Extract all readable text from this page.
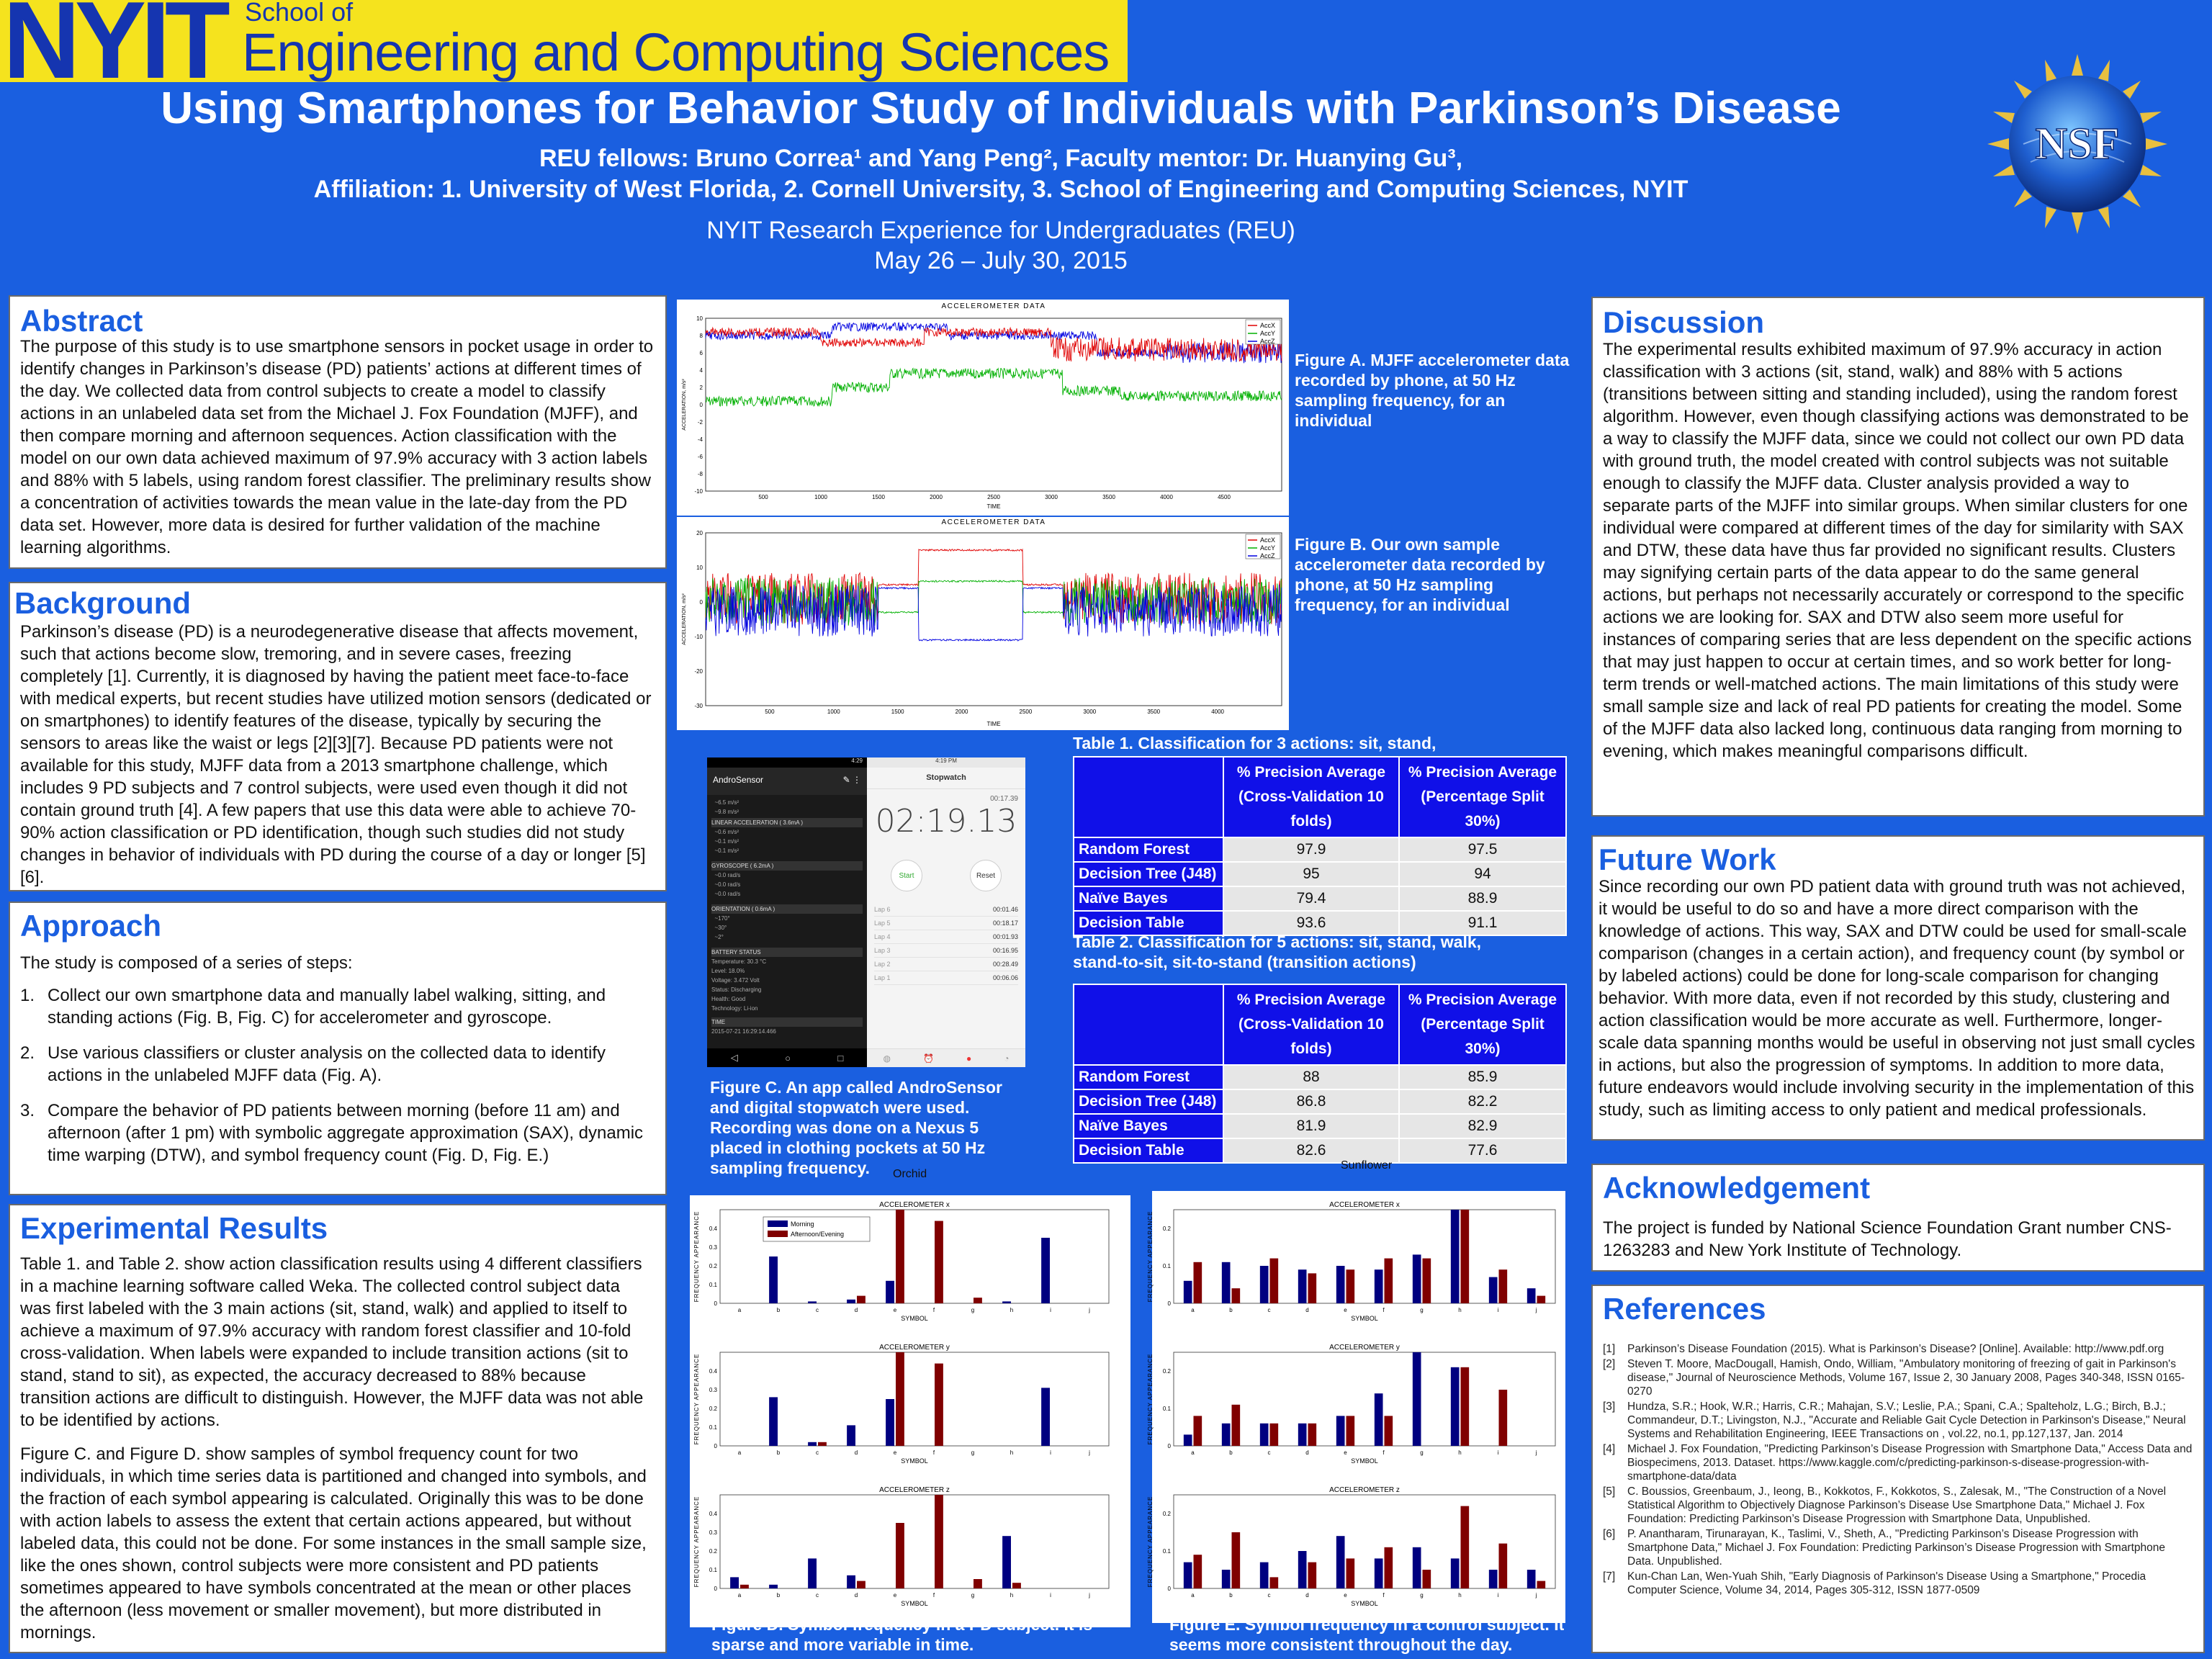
NYIT School of
Engineering and Computing Sciences
Using Smartphones for Behavior Study of Individuals with Parkinson’s Disease
REU fellows: Bruno Correa¹ and Yang Peng², Faculty mentor: Dr. Huanying Gu³,
Affiliation: 1. University of West Florida, 2. Cornell University, 3. School of Engineering and Computing Sciences, NYIT
NYIT Research Experience for Undergraduates (REU)
May 26 – July 30, 2015
NSF
Abstract
The purpose of this study is to use smartphone sensors in pocket usage in order to identify changes in Parkinson’s disease (PD) patients’ actions at different times of the day. We collected data from control subjects to create a model to classify actions in an unlabeled data set from the Michael J. Fox Foundation (MJFF), and then compare morning and afternoon sequences. Action classification with the model on our own data achieved maximum of 97.9% accuracy with 3 action labels and 88% with 5 labels, using random forest classifier. The preliminary results show a concentration of activities towards the mean value in the late-day from the PD data set. However, more data is desired for further validation of the machine learning algorithms.
Background
Parkinson’s disease (PD) is a neurodegenerative disease that affects movement, such that actions become slow, tremoring, and in severe cases, freezing completely [1]. Currently, it is diagnosed by having the patient meet face-to-face with medical experts, but recent studies have utilized motion sensors (dedicated or on smartphones) to identify features of the disease, typically by securing the sensors to areas like the waist or legs [2][3][7]. Because PD patients were not available for this study, MJFF data from a 2013 smartphone challenge, which includes 9 PD subjects and 7 control subjects, were used even though it did not contain ground truth [4]. A few papers that use this data were able to achieve 70-90% action classification or PD identification, though such studies did not study changes in behavior of individuals with PD during the course of a day or longer [5][6].
Approach
The study is composed of a series of steps:
1. Collect our own smartphone data and manually label walking, sitting, and standing actions (Fig. B, Fig. C) for accelerometer and gyroscope.
2. Use various classifiers or cluster analysis on the collected data to identify actions in the unlabeled MJFF data (Fig. A).
3. Compare the behavior of PD patients between morning (before 11 am) and afternoon (after 1 pm) with symbolic aggregate approximation (SAX), dynamic time warping (DTW), and symbol frequency count (Fig. D, Fig. E.)
Experimental Results
Table 1. and Table 2. show action classification results using 4 different classifiers in a machine learning software called Weka. The collected control subject data was first labeled with the 3 main actions (sit, stand, walk) and applied to itself to achieve a maximum of 97.9% accuracy with random forest classifier and 10-fold cross-validation. When labels were expanded to include transition actions (sit to stand, stand to sit), as expected, the accuracy decreased to 88% because transition actions are difficult to distinguish. However, the MJFF data was not able to be identified by actions.
Figure C. and Figure D. show samples of symbol frequency count for two individuals, in which time series data is partitioned and changed into symbols, and the fraction of each symbol appearing is calculated. Originally this was to be done with action labels to assess the extent that certain actions appeared, but without labeled data, this could not be done. For some instances in the small sample size, like the ones shown, control subjects were more consistent and PD patients sometimes appeared to have symbols concentrated at the mean or other places the afternoon (less movement or smaller movement), but more distributed in mornings.
ACCELEROMETER DATA
10
8
6
4
2
0
-2
-4
-6
-8
-10
500	1000	1500	2000	2500	3000	3500	4000	4500
TIME
ACCELERATION, m/s²
AccX
AccY
AccZ
Figure A. MJFF accelerometer data recorded by phone, at 50 Hz sampling frequency, for an individual
ACCELEROMETER DATA
20
10
0
-10
-20
-30
500	1000	1500	2000	2500	3000	3500	4000
TIME
ACCELERATION, m/s²
AccX
AccY
AccZ
Figure B. Our own sample accelerometer data recorded by phone, at 50 Hz sampling frequency, for an individual
4:29
AndroSensor	✎ ⋮
~6.5 m/s²
~9.8 m/s²
LINEAR ACCELERATION ( 3.6mA )
~0.6 m/s²
~0.1 m/s²
~0.1 m/s²
GYROSCOPE ( 6.2mA )
~0.0 rad/s
~0.0 rad/s
~0.0 rad/s
ORIENTATION ( 0.6mA )
~170°
~30°
~2°
BATTERY STATUS
Temperature: 30.3 °C
Level: 18.0%
Voltage: 3.472 Volt
Status: Discharging
Health: Good
Technology: Li-ion
TIME
2015-07-21 16:29:14.466
◁	○	□
4:19 PM
Stopwatch
00:17.39
02:19.13
Start	Reset
Lap 6	00:01.46
Lap 5	00:18.17
Lap 4	00:01.93
Lap 3	00:16.95
Lap 2	00:28.49
Lap 1	00:06.06
◍	⏰	●	◔
Figure C. An app called AndroSensor and digital stopwatch were used. Recording was done on a Nexus 5 placed in clothing pockets at 50 Hz sampling frequency.
Table 1. Classification for 3 actions: sit, stand,
	% Precision Average (Cross-Validation 10 folds)	% Precision Average (Percentage Split 30%)
Random Forest	97.9	97.5
Decision Tree (J48)	95	94
Naïve Bayes	79.4	88.9
Decision Table	93.6	91.1
Table 2. Classification for 5 actions: sit, stand, walk, stand-to-sit, sit-to-stand (transition actions)
	% Precision Average (Cross-Validation 10 folds)	% Precision Average (Percentage Split 30%)
Random Forest	88	85.9
Decision Tree (J48)	86.8	82.2
Naïve Bayes	81.9	82.9
Decision Table	82.6	77.6
Orchid
Sunflower
ACCELEROMETER x
SYMBOL
FREQUENCY APPEARANCE
0
0.1
0.2
0.3
0.4
a	b	c	d	e	f	g	h	i	j
Morning
Afternoon/Evening
ACCELEROMETER y
SYMBOL
FREQUENCY APPEARANCE
0
0.1
0.2
0.3
0.4
a	b	c	d	e	f	g	h	i	j
ACCELEROMETER z
SYMBOL
FREQUENCY APPEARANCE
0
0.1
0.2
0.3
0.4
a	b	c	d	e	f	g	h	i	j
ACCELEROMETER x
SYMBOL
FREQUENCY APPEARANCE
0
0.1
0.2
a	b	c	d	e	f	g	h	i	j
ACCELEROMETER y
SYMBOL
FREQUENCY APPEARANCE
0
0.1
0.2
a	b	c	d	e	f	g	h	i	j
ACCELEROMETER z
SYMBOL
FREQUENCY APPEARANCE
0
0.1
0.2
a	b	c	d	e	f	g	h	i	j
Figure D. Symbol frequency in a PD subject. It is sparse and more variable in time.
Figure E. Symbol frequency in a control subject. It seems more consistent throughout the day.
Discussion
The experimental results exhibited maximum of 97.9% accuracy in action classification with 3 actions (sit, stand, walk) and 88% with 5 actions (transitions between sitting and standing included), using the random forest algorithm. However, even though classifying actions was demonstrated to be a way to classify the MJFF data, since we could not collect our own PD data with ground truth, the model created with control subjects was not suitable enough to classify the MJFF data. Cluster analysis provided a way to separate parts of the MJFF into similar groups. When similar clusters for one individual were compared at different times of the day for similarity with SAX and DTW, these data have thus far provided no significant results. Clusters may signifying certain parts of the data appear to do the same general actions, but perhaps not necessarily accurately or correspond to the specific actions we are looking for. SAX and DTW also seem more useful for instances of comparing series that are less dependent on the specific actions that may just happen to occur at certain times, and so work better for long-term trends or well-matched actions. The main limitations of this study were small sample size and lack of real PD patients for creating the model. Some of the MJFF data also lacked long, continuous data ranging from morning to evening, which makes meaningful comparisons difficult.
Future Work
Since recording our own PD patient data with ground truth was not achieved, it would be useful to do so and have a more direct comparison with the knowledge of actions. This way, SAX and DTW could be used for small-scale comparison (changes in a certain action), and frequency count (by symbol or by labeled actions) could be done for long-scale comparison for changing behavior. With more data, even if not recorded by this study, clustering and action classification would be more accurate as well. Furthermore, longer-scale data spanning months would be useful in observing not just small cycles in actions, but also the progression of symptoms. In addition to more data, future endeavors would include involving security in the implementation of this study, such as limiting access to only patient and medical professionals.
Acknowledgement
The project is funded by National Science Foundation Grant number CNS-1263283 and New York Institute of Technology.
References
[1] Parkinson’s Disease Foundation (2015). What is Parkinson’s Disease? [Online]. Available: http://www.pdf.org
[2] Steven T. Moore, MacDougall, Hamish, Ondo, William, "Ambulatory monitoring of freezing of gait in Parkinson's disease," Journal of Neuroscience Methods, Volume 167, Issue 2, 30 January 2008, Pages 340-348, ISSN 0165-0270
[3] Hundza, S.R.; Hook, W.R.; Harris, C.R.; Mahajan, S.V.; Leslie, P.A.; Spani, C.A.; Spalteholz, L.G.; Birch, B.J.; Commandeur, D.T.; Livingston, N.J., "Accurate and Reliable Gait Cycle Detection in Parkinson's Disease," Neural Systems and Rehabilitation Engineering, IEEE Transactions on , vol.22, no.1, pp.127,137, Jan. 2014
[4] Michael J. Fox Foundation, "Predicting Parkinson’s Disease Progression with Smartphone Data," Access Data and Biospecimens, 2013. Dataset. https://www.kaggle.com/c/predicting-parkinson-s-disease-progression-with-smartphone-data/data
[5] C. Boussios, Greenbaum, J., Ieong, B., Kokkotos, F., Kokkotos, S., Zalesak, M., "The Construction of a Novel Statistical Algorithm to Objectively Diagnose Parkinson’s Disease Use Smartphone Data," Michael J. Fox Foundation: Predicting Parkinson’s Disease Progression with Smartphone Data, Unpublished.
[6] P. Anantharam, Tirunarayan, K., Taslimi, V., Sheth, A., "Predicting Parkinson’s Disease Progression with Smartphone Data," Michael J. Fox Foundation: Predicting Parkinson’s Disease Progression with Smartphone Data. Unpublished.
[7] Kun-Chan Lan, Wen-Yuah Shih, "Early Diagnosis of Parkinson's Disease Using a Smartphone," Procedia Computer Science, Volume 34, 2014, Pages 305-312, ISSN 1877-0509
